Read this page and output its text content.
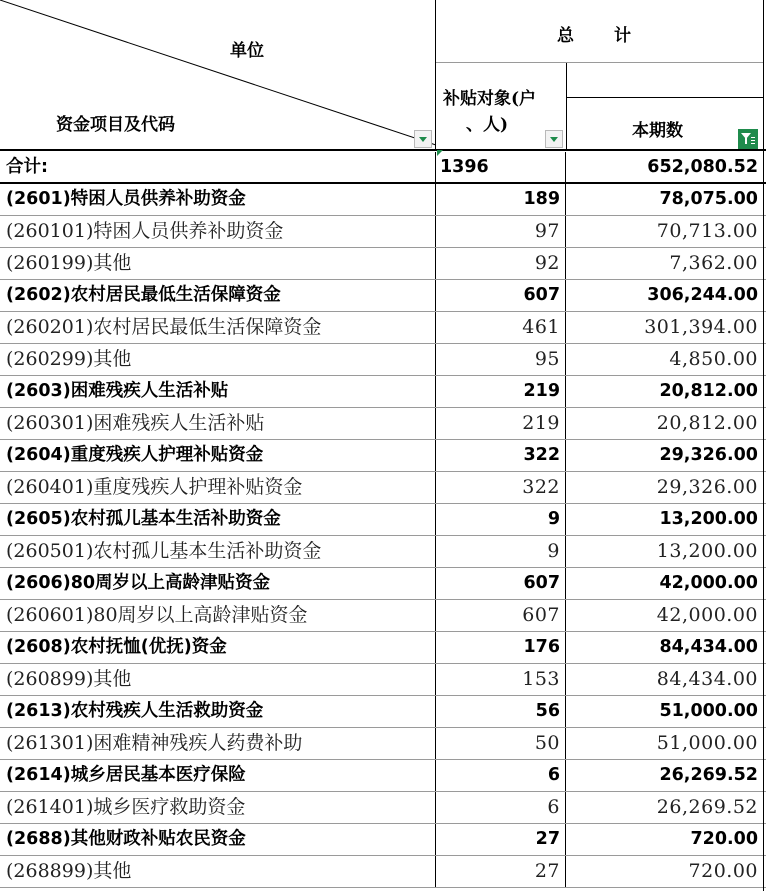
单位
资金项目及代码
总　　计
补贴对象(户
、人)	本期数
合计:	1396	652,080.52
(2601)特困人员供养补助资金	189	78,075.00
(260101)特困人员供养补助资金	97	70,713.00
(260199)其他	92	7,362.00
(2602)农村居民最低生活保障资金	607	306,244.00
(260201)农村居民最低生活保障资金	461	301,394.00
(260299)其他	95	4,850.00
(2603)困难残疾人生活补贴	219	20,812.00
(260301)困难残疾人生活补贴	219	20,812.00
(2604)重度残疾人护理补贴资金	322	29,326.00
(260401)重度残疾人护理补贴资金	322	29,326.00
(2605)农村孤儿基本生活补助资金	9	13,200.00
(260501)农村孤儿基本生活补助资金	9	13,200.00
(2606)80周岁以上高龄津贴资金	607	42,000.00
(260601)80周岁以上高龄津贴资金	607	42,000.00
(2608)农村抚恤(优抚)资金	176	84,434.00
(260899)其他	153	84,434.00
(2613)农村残疾人生活救助资金	56	51,000.00
(261301)困难精神残疾人药费补助	50	51,000.00
(2614)城乡居民基本医疗保险	6	26,269.52
(261401)城乡医疗救助资金	6	26,269.52
(2688)其他财政补贴农民资金	27	720.00
(268899)其他	27	720.00
